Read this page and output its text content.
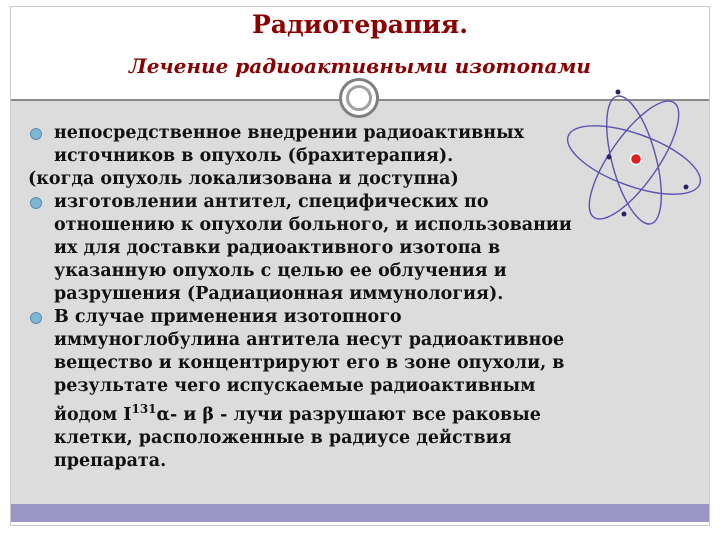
Радиотерапия.
Лечение радиоактивными изотопами
непосредственное внедрении радиоактивных
источников в опухоль (брахитерапия).
(когда опухоль локализована и доступна)
изготовлении антител, специфических по
отношению к опухоли больного, и использовании
их для доставки радиоактивного изотопа в
указанную опухоль с целью ее облучения и
разрушения (Радиационная иммунология).
В случае применения изотопного
иммуноглобулина антитела несут радиоактивное
вещество и концентрируют его в зоне опухоли, в
результате чего испускаемые радиоактивным
йодом $I^{131}\alpha-$ и β - лучи разрушают все раковые
клетки, расположенные в радиусе действия
препарата.
